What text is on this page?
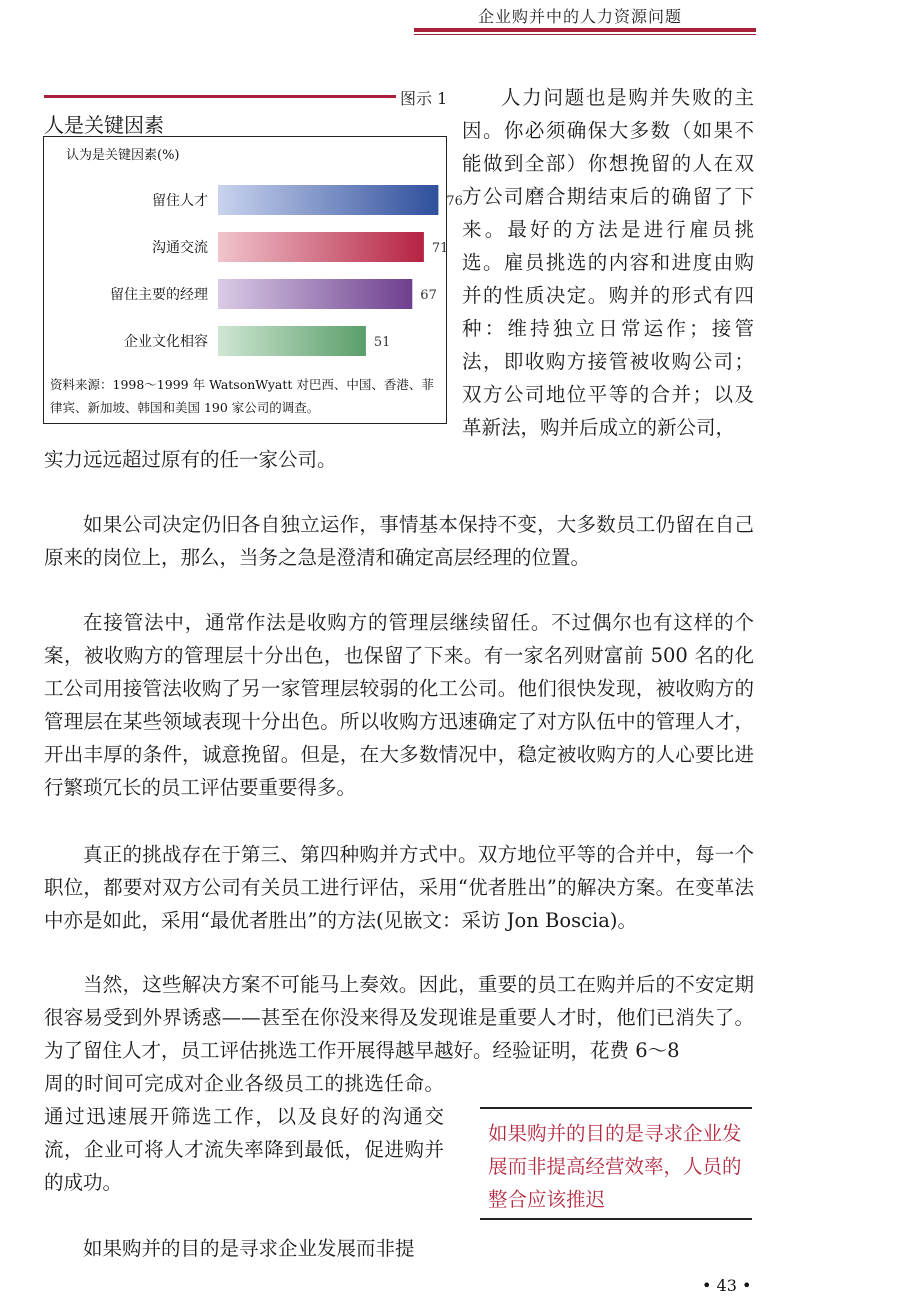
企业购并中的人力资源问题
图示 1
人是关键因素
认为是关键因素(%)
留住人才	76
沟通交流	71
留住主要的经理	67
企业文化相容	51
资料来源：1998～1999 年 WatsonWyatt 对巴西、中国、香港、菲律宾、新加坡、韩国和美国 190 家公司的调查。

人力问题也是购并失败的主因。你必须确保大多数（如果不能做到全部）你想挽留的人在双方公司磨合期结束后的确留了下来。最好的方法是进行雇员挑选。雇员挑选的内容和进度由购并的性质决定。购并的形式有四种：维持独立日常运作；接管法，即收购方接管被收购公司；双方公司地位平等的合并；以及革新法，购并后成立的新公司，

实力远远超过原有的任一家公司。

如果公司决定仍旧各自独立运作，事情基本保持不变，大多数员工仍留在自己原来的岗位上，那么，当务之急是澄清和确定高层经理的位置。

在接管法中，通常作法是收购方的管理层继续留任。不过偶尔也有这样的个案，被收购方的管理层十分出色，也保留了下来。有一家名列财富前 500 名的化工公司用接管法收购了另一家管理层较弱的化工公司。他们很快发现，被收购方的管理层在某些领域表现十分出色。所以收购方迅速确定了对方队伍中的管理人才，开出丰厚的条件，诚意挽留。但是，在大多数情况中，稳定被收购方的人心要比进行繁琐冗长的员工评估要重要得多。

真正的挑战存在于第三、第四种购并方式中。双方地位平等的合并中，每一个职位，都要对双方公司有关员工进行评估，采用“优者胜出”的解决方案。在变革法中亦是如此，采用“最优者胜出”的方法(见嵌文：采访 Jon Boscia)。

当然，这些解决方案不可能马上奏效。因此，重要的员工在购并后的不安定期很容易受到外界诱惑——甚至在你没来得及发现谁是重要人才时，他们已消失了。为了留住人才，员工评估挑选工作开展得越早越好。经验证明，花费 6～8

周的时间可完成对企业各级员工的挑选任命。通过迅速展开筛选工作，以及良好的沟通交流，企业可将人才流失率降到最低，促进购并的成功。

如果购并的目的是寻求企业发展而非提

如果购并的目的是寻求企业发展而非提高经营效率，人员的整合应该推迟

• 43 •
